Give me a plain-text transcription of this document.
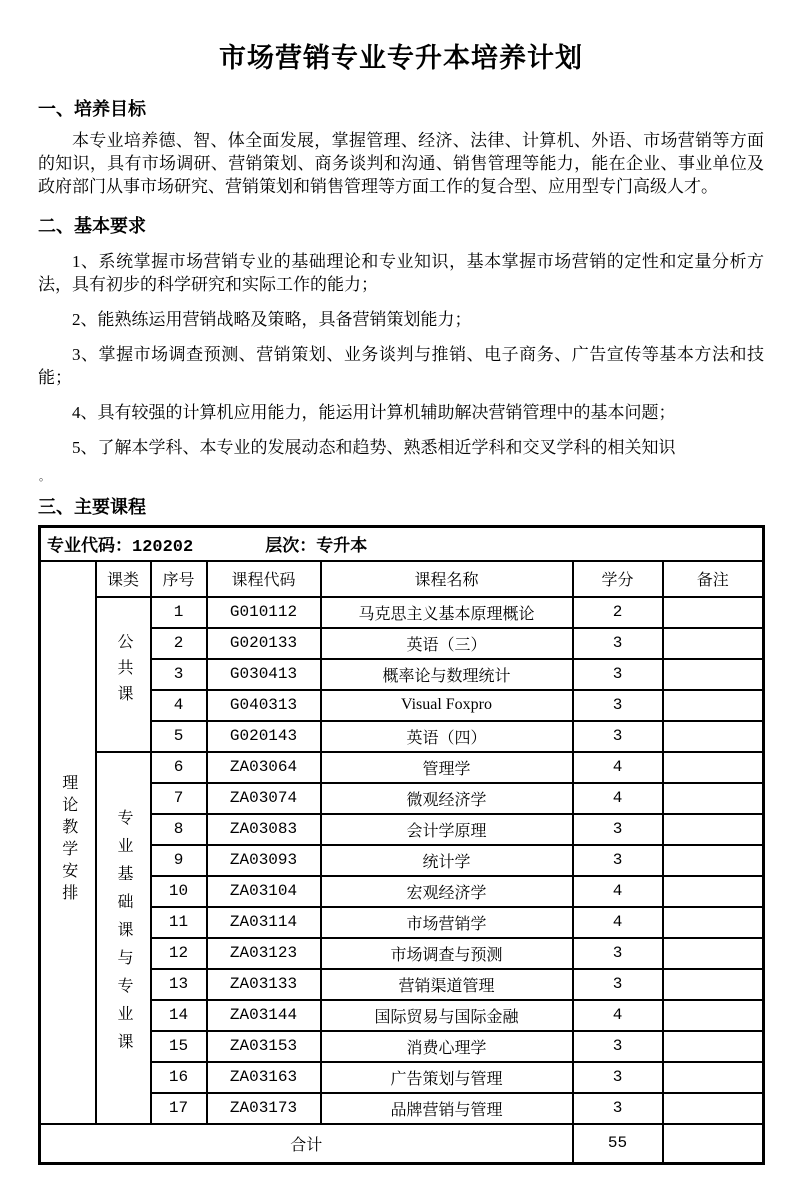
市场营销专业专升本培养计划
一、培养目标

本专业培养德、智、体全面发展，掌握管理、经济、法律、计算机、外语、市场营销等方面的知识，具有市场调研、营销策划、商务谈判和沟通、销售管理等能力，能在企业、事业单位及政府部门从事市场研究、营销策划和销售管理等方面工作的复合型、应用型专门高级人才。

二、基本要求

1、系统掌握市场营销专业的基础理论和专业知识，基本掌握市场营销的定性和定量分析方法，具有初步的科学研究和实际工作的能力；

2、能熟练运用营销战略及策略，具备营销策划能力；

3、掌握市场调查预测、营销策划、业务谈判与推销、电子商务、广告宣传等基本方法和技能；

4、具有较强的计算机应用能力，能运用计算机辅助解决营销管理中的基本问题；

5、了解本学科、本专业的发展动态和趋势、熟悉相近学科和交叉学科的相关知识

。

三、主要课程
专业代码：120202 层次：专升本						
理论教学安排	课类	序号	课程代码	课程名称	学分	备注
	公共课	1	G010112	马克思主义基本原理概论	2	
		2	G020133	英语（三）	3	
		3	G030413	概率论与数理统计	3	
		4	G040313	Visual Foxpro	3	
		5	G020143	英语（四）	3	
	专业基础课与专业课	6	ZA03064	管理学	4	
		7	ZA03074	微观经济学	4	
		8	ZA03083	会计学原理	3	
		9	ZA03093	统计学	3	
		10	ZA03104	宏观经济学	4	
		11	ZA03114	市场营销学	4	
		12	ZA03123	市场调查与预测	3	
		13	ZA03133	营销渠道管理	3	
		14	ZA03144	国际贸易与国际金融	4	
		15	ZA03153	消费心理学	3	
		16	ZA03163	广告策划与管理	3	
		17	ZA03173	品牌营销与管理	3	
合计					55	
